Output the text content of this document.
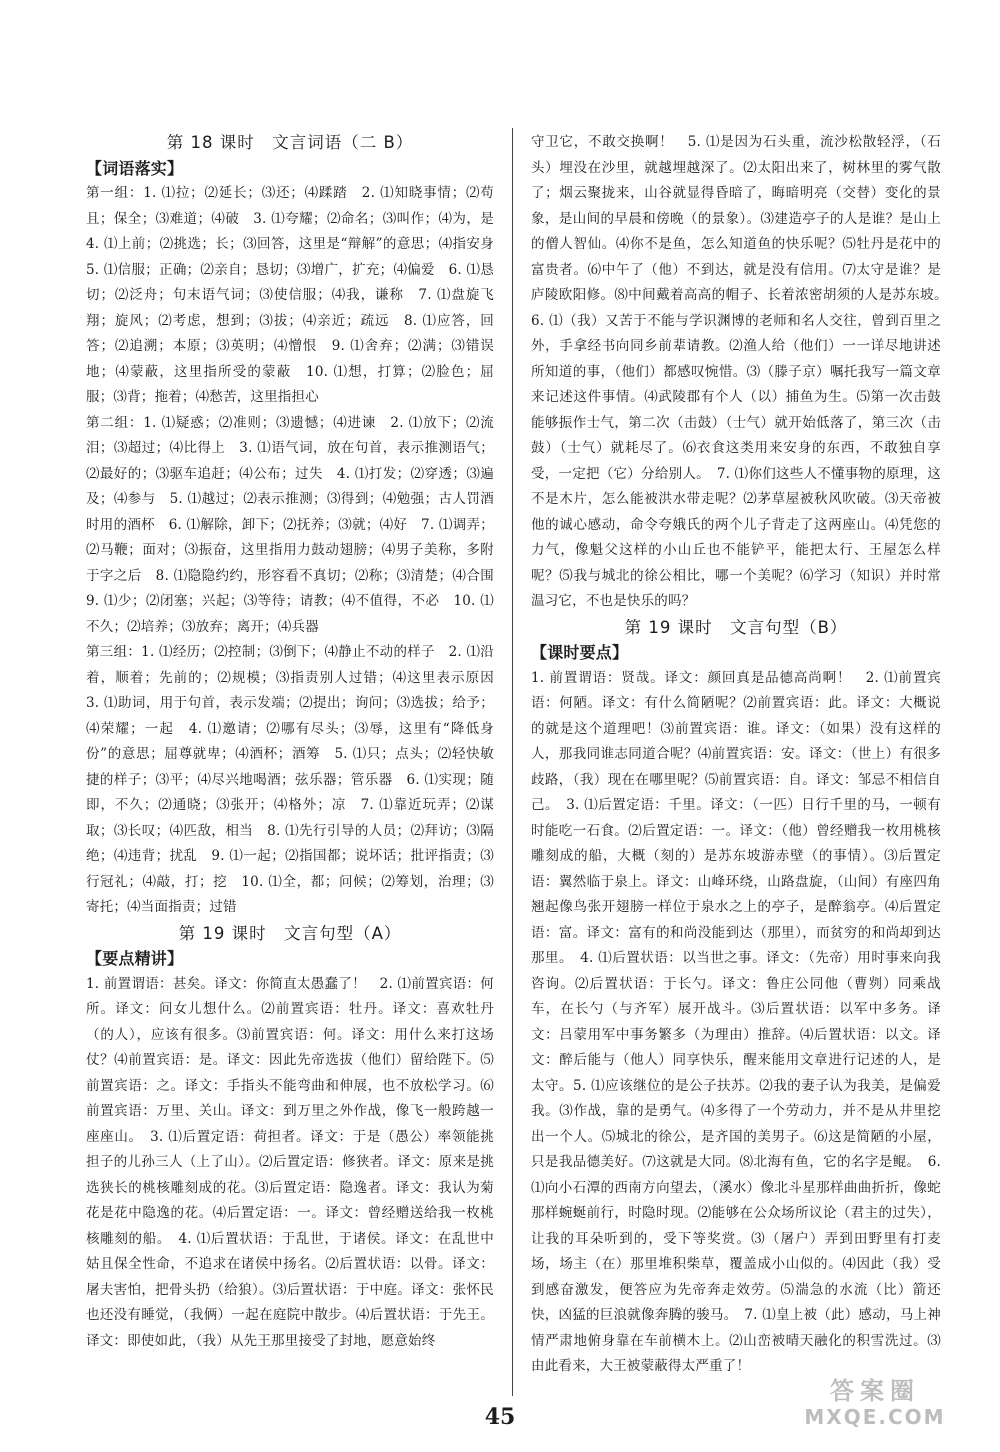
第 18 课时　文言词语（二 B）
【词语落实】

第一组：1. ⑴拉；⑵延长；⑶还；⑷蹂踏　2. ⑴知晓事情；⑵苟且；保全；⑶难道；⑷破　3. ⑴夸耀；⑵命名；⑶叫作；⑷为，是　4. ⑴上前；⑵挑选；长；⑶回答，这里是“辩解”的意思；⑷指安身　5. ⑴信服；正确；⑵亲自；恳切；⑶增广，扩充；⑷偏爱　6. ⑴恳切；⑵泛舟；句末语气词；⑶使信服；⑷我，谦称　7. ⑴盘旋飞翔；旋风；⑵考虑，想到；⑶拔；⑷亲近；疏远　8. ⑴应答，回答；⑵追溯；本原；⑶英明；⑷憎恨　9. ⑴舍弃；⑵满；⑶错误地；⑷蒙蔽，这里指所受的蒙蔽　10. ⑴想，打算；⑵脸色；屈服；⑶背；拖着；⑷愁苦，这里指担心

第二组：1. ⑴疑惑；⑵准则；⑶遗憾；⑷进谏　2. ⑴放下；⑵流泪；⑶超过；⑷比得上　3. ⑴语气词，放在句首，表示推测语气；⑵最好的；⑶驱车追赶；⑷公布；过失　4. ⑴打发；⑵穿透；⑶遍及；⑷参与　5. ⑴越过；⑵表示推测；⑶得到；⑷勉强；古人罚酒时用的酒杯　6. ⑴解除，卸下；⑵抚养；⑶就；⑷好　7. ⑴调弄；⑵马鞭；面对；⑶振奋，这里指用力鼓动翅膀；⑷男子美称，多附于字之后　8. ⑴隐隐约约，形容看不真切；⑵称；⑶清楚；⑷合围　9. ⑴少；⑵闭塞；兴起；⑶等待；请教；⑷不值得，不必　10. ⑴不久；⑵培养；⑶放弃；离开；⑷兵器

第三组：1. ⑴经历；⑵控制；⑶倒下；⑷静止不动的样子　2. ⑴沿着，顺着；先前的；⑵规模；⑶指责别人过错；⑷这里表示原因　3. ⑴助词，用于句首，表示发端；⑵提出；询问；⑶选拔；给予；⑷荣耀；一起　4. ⑴邀请；⑵哪有尽头；⑶辱，这里有“降低身份”的意思；屈尊就卑；⑷酒杯；酒筹　5. ⑴只；点头；⑵轻快敏捷的样子；⑶平；⑷尽兴地喝酒；弦乐器；管乐器　6. ⑴实现；随即，不久；⑵通晓；⑶张开；⑷格外；凉　7. ⑴靠近玩弄；⑵谋取；⑶长叹；⑷匹敌，相当　8. ⑴先行引导的人员；⑵拜访；⑶隔绝；⑷违背；扰乱　9. ⑴一起；⑵指国都；说坏话；批评指责；⑶行冠礼；⑷敲，打；挖　10. ⑴全，都；问候；⑵筹划，治理；⑶寄托；⑷当面指责；过错

第 19 课时　文言句型（A）
【要点精讲】

1. 前置谓语：甚矣。译文：你简直太愚蠢了！　2. ⑴前置宾语：何所。译文：问女儿想什么。⑵前置宾语：牡丹。译文：喜欢牡丹（的人），应该有很多。⑶前置宾语：何。译文：用什么来打这场仗？⑷前置宾语：是。译文：因此先帝选拔（他们）留给陛下。⑸前置宾语：之。译文：手指头不能弯曲和伸展，也不放松学习。⑹前置宾语：万里、关山。译文：到万里之外作战，像飞一般跨越一座座山。　3. ⑴后置定语：荷担者。译文：于是（愚公）率领能挑担子的儿孙三人（上了山）。⑵后置定语：修狭者。译文：原来是挑选狭长的桃核雕刻成的花。⑶后置定语：隐逸者。译文：我认为菊花是花中隐逸的花。⑷后置定语：一。译文：曾经赠送给我一枚桃核雕刻的船。　4. ⑴后置状语：于乱世，于诸侯。译文：在乱世中姑且保全性命，不追求在诸侯中扬名。⑵后置状语：以骨。译文：屠夫害怕，把骨头扔（给狼）。⑶后置状语：于中庭。译文：张怀民也还没有睡觉，（我俩）一起在庭院中散步。⑷后置状语：于先王。译文：即使如此，（我）从先王那里接受了封地，愿意始终

守卫它，不敢交换啊！　5. ⑴是因为石头重，流沙松散轻浮，（石头）埋没在沙里，就越埋越深了。⑵太阳出来了，树林里的雾气散了；烟云聚拢来，山谷就显得昏暗了，晦暗明亮（交替）变化的景象，是山间的早晨和傍晚（的景象）。⑶建造亭子的人是谁？是山上的僧人智仙。⑷你不是鱼，怎么知道鱼的快乐呢？⑸牡丹是花中的富贵者。⑹中午了（他）不到达，就是没有信用。⑺太守是谁？是庐陵欧阳修。⑻中间戴着高高的帽子、长着浓密胡须的人是苏东坡。　6. ⑴（我）又苦于不能与学识渊博的老师和名人交往，曾到百里之外，手拿经书向同乡前辈请教。⑵渔人给（他们）一一详尽地讲述所知道的事，（他们）都感叹惋惜。⑶（滕子京）嘱托我写一篇文章来记述这件事情。⑷武陵郡有个人（以）捕鱼为生。⑸第一次击鼓能够振作士气，第二次（击鼓）（士气）就开始低落了，第三次（击鼓）（士气）就耗尽了。⑹衣食这类用来安身的东西，不敢独自享受，一定把（它）分给别人。　7. ⑴你们这些人不懂事物的原理，这不是木片，怎么能被洪水带走呢？⑵茅草屋被秋风吹破。⑶天帝被他的诚心感动，命令夸娥氏的两个儿子背走了这两座山。⑷凭您的力气，像魁父这样的小山丘也不能铲平，能把太行、王屋怎么样呢？⑸我与城北的徐公相比，哪一个美呢？⑹学习（知识）并时常温习它，不也是快乐的吗？

第 19 课时　文言句型（B）
【课时要点】

1. 前置谓语：贤哉。译文：颜回真是品德高尚啊！　2. ⑴前置宾语：何陋。译文：有什么简陋呢？⑵前置宾语：此。译文：大概说的就是这个道理吧！⑶前置宾语：谁。译文：（如果）没有这样的人，那我同谁志同道合呢？⑷前置宾语：安。译文：（世上）有很多歧路，（我）现在在哪里呢？⑸前置宾语：自。译文：邹忌不相信自己。　3. ⑴后置定语：千里。译文：（一匹）日行千里的马，一顿有时能吃一石食。⑵后置定语：一。译文：（他）曾经赠我一枚用桃核雕刻成的船，大概（刻的）是苏东坡游赤壁（的事情）。⑶后置定语：翼然临于泉上。译文：山峰环绕，山路盘旋，（山间）有座四角翘起像鸟张开翅膀一样位于泉水之上的亭子，是醉翁亭。⑷后置定语：富。译文：富有的和尚没能到达（那里），而贫穷的和尚却到达那里。　4. ⑴后置状语：以当世之事。译文：（先帝）用时事来向我咨询。⑵后置状语：于长勺。译文：鲁庄公同他（曹刿）同乘战车，在长勺（与齐军）展开战斗。⑶后置状语：以军中多务。译文：吕蒙用军中事务繁多（为理由）推辞。⑷后置状语：以文。译文：醉后能与（他人）同享快乐，醒来能用文章进行记述的人，是太守。5. ⑴应该继位的是公子扶苏。⑵我的妻子认为我美，是偏爱我。⑶作战，靠的是勇气。⑷多得了一个劳动力，并不是从井里挖出一个人。⑸城北的徐公，是齐国的美男子。⑹这是简陋的小屋，只是我品德美好。⑺这就是大同。⑻北海有鱼，它的名字是鲲。　6. ⑴向小石潭的西南方向望去，（溪水）像北斗星那样曲曲折折，像蛇那样蜿蜒前行，时隐时现。⑵能够在公众场所议论（君主的过失），让我的耳朵听到的，受下等奖赏。⑶（屠户）弄到田野里有打麦场，场主（在）那里堆积柴草，覆盖成小山似的。⑷因此（我）受到感奋激发，便答应为先帝奔走效劳。⑸湍急的水流（比）箭还快，凶猛的巨浪就像奔腾的骏马。　7. ⑴皇上被（此）感动，马上神情严肃地俯身靠在车前横木上。⑵山峦被晴天融化的积雪洗过。⑶由此看来，大王被蒙蔽得太严重了！

45
答案圈
MXQE.COM
